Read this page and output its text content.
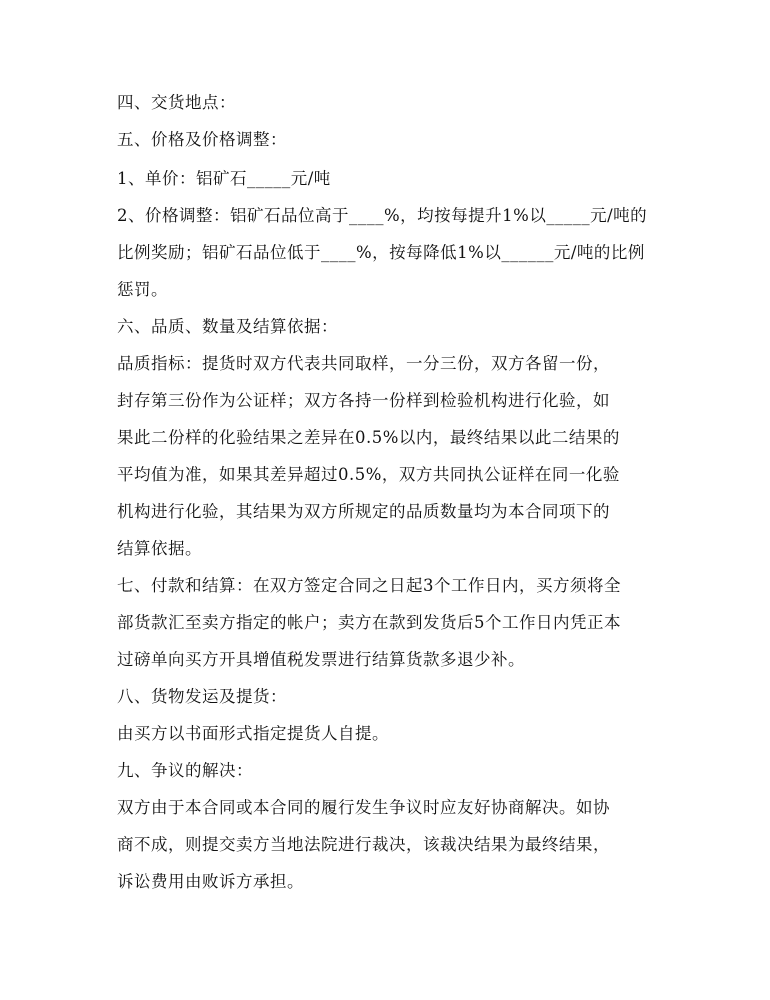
四、交货地点：
五、价格及价格调整：
1、单价：铝矿石_____元/吨
2、价格调整：铝矿石品位高于____%，均按每提升1%以_____元/吨的
比例奖励；铝矿石品位低于____%，按每降低1%以______元/吨的比例
惩罚。
六、品质、数量及结算依据：
品质指标：提货时双方代表共同取样，一分三份，双方各留一份，
封存第三份作为公证样；双方各持一份样到检验机构进行化验，如
果此二份样的化验结果之差异在0.5%以内，最终结果以此二结果的
平均值为准，如果其差异超过0.5%，双方共同执公证样在同一化验
机构进行化验，其结果为双方所规定的品质数量均为本合同项下的
结算依据。
七、付款和结算：在双方签定合同之日起3个工作日内，买方须将全
部货款汇至卖方指定的帐户；卖方在款到发货后5个工作日内凭正本
过磅单向买方开具增值税发票进行结算货款多退少补。
八、货物发运及提货：
由买方以书面形式指定提货人自提。
九、争议的解决：
双方由于本合同或本合同的履行发生争议时应友好协商解决。如协
商不成，则提交卖方当地法院进行裁决，该裁决结果为最终结果，
诉讼费用由败诉方承担。
